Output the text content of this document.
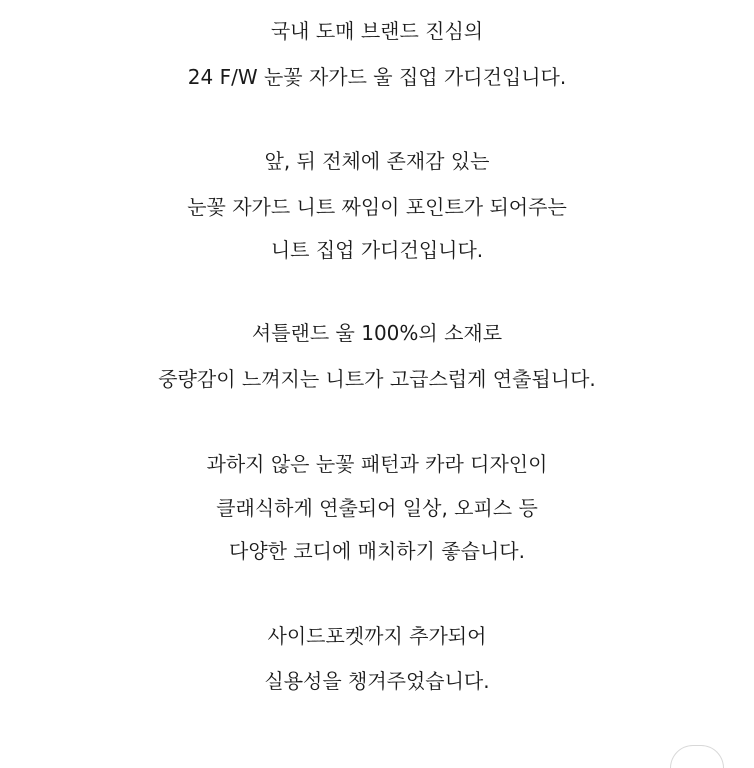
국내 도매 브랜드 진심의
24 F/W 눈꽃 자가드 울 집업 가디건입니다.
앞, 뒤 전체에 존재감 있는
눈꽃 자가드 니트 짜임이 포인트가 되어주는
니트 집업 가디건입니다.
셔틀랜드 울 100%의 소재로
중량감이 느껴지는 니트가 고급스럽게 연출됩니다.
과하지 않은 눈꽃 패턴과 카라 디자인이
클래식하게 연출되어 일상, 오피스 등
다양한 코디에 매치하기 좋습니다.
사이드포켓까지 추가되어
실용성을 챙겨주었습니다.
